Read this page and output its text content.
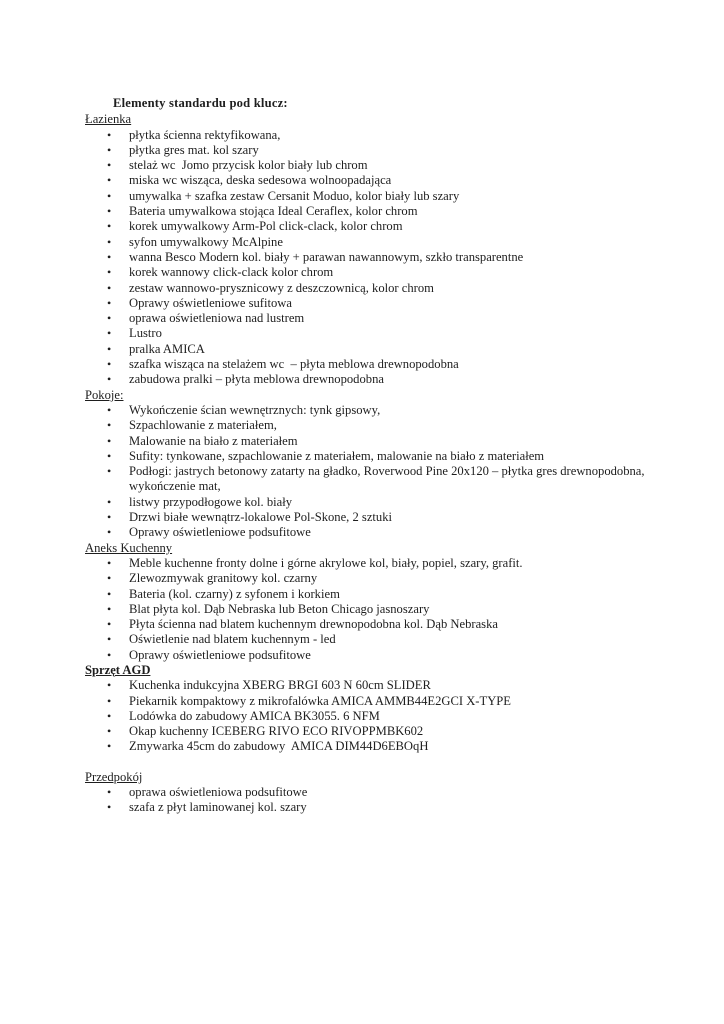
Elementy standardu pod klucz:
Łazienka
•	płytka ścienna rektyfikowana,
•	płytka gres mat. kol szary
•	stelaż wc  Jomo przycisk kolor biały lub chrom
•	miska wc wisząca, deska sedesowa wolnoopadająca
•	umywalka + szafka zestaw Cersanit Moduo, kolor biały lub szary
•	Bateria umywalkowa stojąca Ideal Ceraflex, kolor chrom
•	korek umywalkowy Arm-Pol click-clack, kolor chrom
•	syfon umywalkowy McAlpine
•	wanna Besco Modern kol. biały + parawan nawannowym, szkło transparentne
•	korek wannowy click-clack kolor chrom
•	zestaw wannowo-prysznicowy z deszczownicą, kolor chrom
•	Oprawy oświetleniowe sufitowa
•	oprawa oświetleniowa nad lustrem
•	Lustro
•	pralka AMICA
•	szafka wisząca na stelażem wc  – płyta meblowa drewnopodobna
•	zabudowa pralki – płyta meblowa drewnopodobna
Pokoje:
•	Wykończenie ścian wewnętrznych: tynk gipsowy,
•	Szpachlowanie z materiałem,
•	Malowanie na biało z materiałem
•	Sufity: tynkowane, szpachlowanie z materiałem, malowanie na biało z materiałem
•	Podłogi: jastrych betonowy zatarty na gładko, Roverwood Pine 20x120 – płytka gres drewnopodobna, wykończenie mat,
•	listwy przypodłogowe kol. biały
•	Drzwi białe wewnątrz-lokalowe Pol-Skone, 2 sztuki
•	Oprawy oświetleniowe podsufitowe
Aneks Kuchenny
•	Meble kuchenne fronty dolne i górne akrylowe kol, biały, popiel, szary, grafit.
•	Zlewozmywak granitowy kol. czarny
•	Bateria (kol. czarny) z syfonem i korkiem
•	Blat płyta kol. Dąb Nebraska lub Beton Chicago jasnoszary
•	Płyta ścienna nad blatem kuchennym drewnopodobna kol. Dąb Nebraska
•	Oświetlenie nad blatem kuchennym - led
•	Oprawy oświetleniowe podsufitowe
Sprzęt AGD
•	Kuchenka indukcyjna XBERG BRGI 603 N 60cm SLIDER
•	Piekarnik kompaktowy z mikrofalówka AMICA AMMB44E2GCI X-TYPE
•	Lodówka do zabudowy AMICA BK3055. 6 NFM
•	Okap kuchenny ICEBERG RIVO ECO RIVOPPMBK602
•	Zmywarka 45cm do zabudowy  AMICA DIM44D6EBOqH
Przedpokój
•	oprawa oświetleniowa podsufitowe
•	szafa z płyt laminowanej kol. szary
